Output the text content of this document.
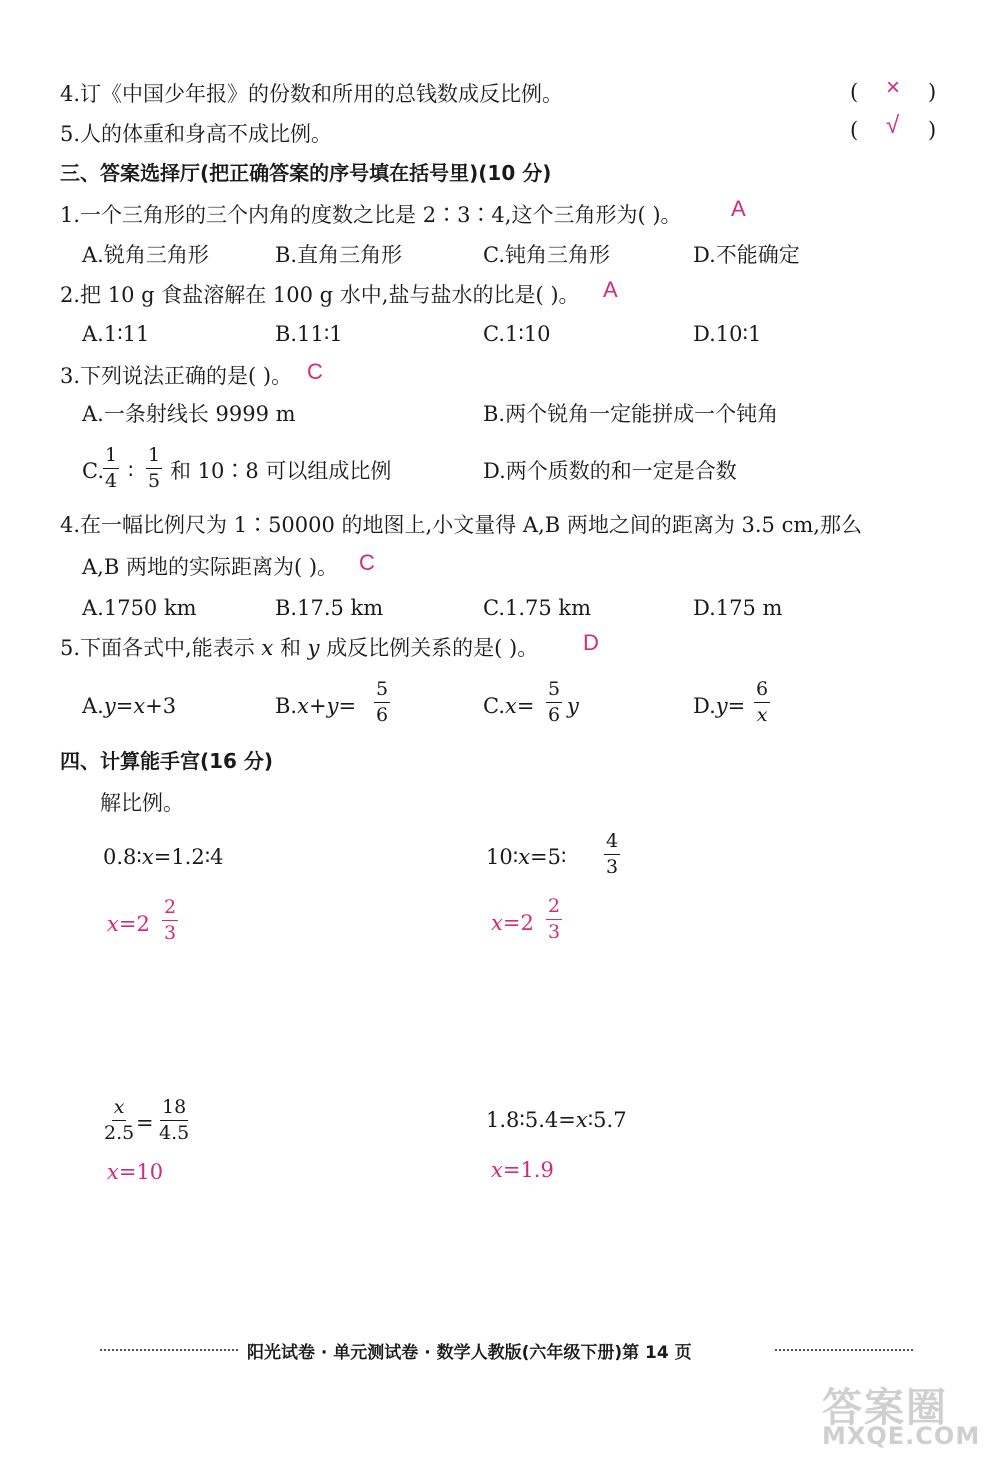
4.订《中国少年报》的份数和所用的总钱数成反比例。	( × )
5.人的体重和身高不成比例。	( √ )
三、答案选择厅(把正确答案的序号填在括号里)(10 分)
1.一个三角形的三个内角的度数之比是 2∶3∶4,这个三角形为( )。 A
A.锐角三角形	B.直角三角形	C.钝角三角形	D.不能确定
2.把 10 g 食盐溶解在 100 g 水中,盐与盐水的比是( )。 A
A.1∶11	B.11∶1	C.1∶10	D.10∶1
3.下列说法正确的是( )。 C
A.一条射线长 9999 m	B.两个锐角一定能拼成一个钝角
C. $\frac{1}{4}$ ∶ $\frac{1}{5}$ 和 10∶8 可以组成比例	D.两个质数的和一定是合数
4.在一幅比例尺为 1∶50000 的地图上,小文量得 A,B 两地之间的距离为 3.5 cm,那么
A,B 两地的实际距离为( )。 C
A.1750 km	B.17.5 km	C.1.75 km	D.175 m
5.下面各式中,能表示 x 和 y 成反比例关系的是( )。 D
A.y=x+3	$B.x+y= \frac{5}{6}$	$C.x= \frac{5}{6}$ y	$D.y= \frac{6}{x}$
四、计算能手宫(16 分)
解比例。
0.8∶x=1.2∶4
$x=2 \frac{2}{3}$
10∶x=5∶ $\frac{4}{3}$
$x=2 \frac{2}{3}$
$\frac{x}{2.5} = \frac{18}{4.5}$
x=10
1.8∶5.4=x∶5.7
x=1.9
阳光试卷 · 单元测试卷 · 数学人教版(六年级下册)第 14 页
答案圈
MXQE.COM
